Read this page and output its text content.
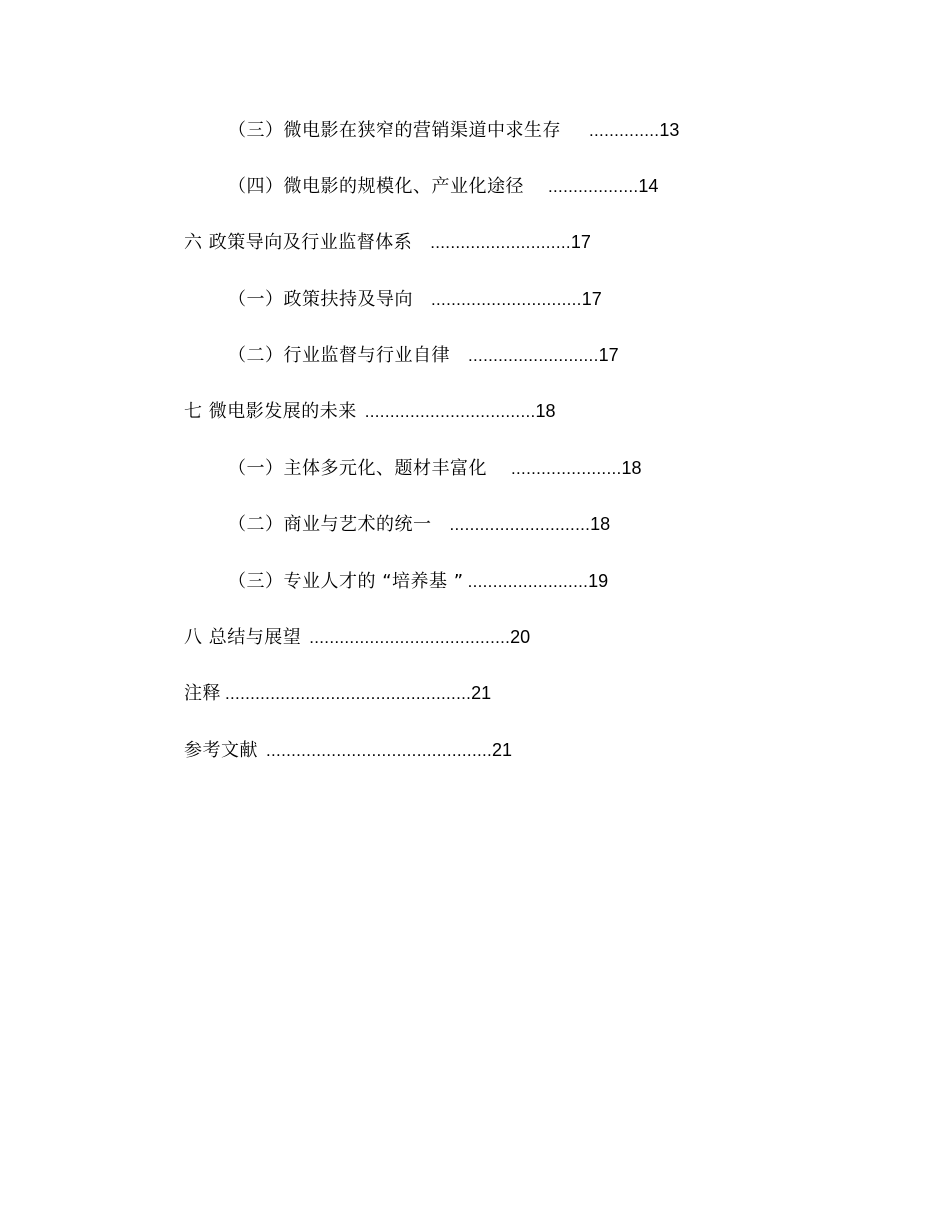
（三）微电影在狭窄的营销渠道中求生存 ..............13
（四）微电影的规模化、产业化途径 ..................14
六 政策导向及行业监督体系 ............................17
（一）政策扶持及导向 ..............................17
（二）行业监督与行业自律 ..........................17
七 微电影发展的未来 ..................................18
（一）主体多元化、题材丰富化 ......................18
（二）商业与艺术的统一 ............................18
（三）专业人才的 “培养基 ” ........................19
八 总结与展望 ........................................20
注释 .................................................21
参考文献 .............................................21
